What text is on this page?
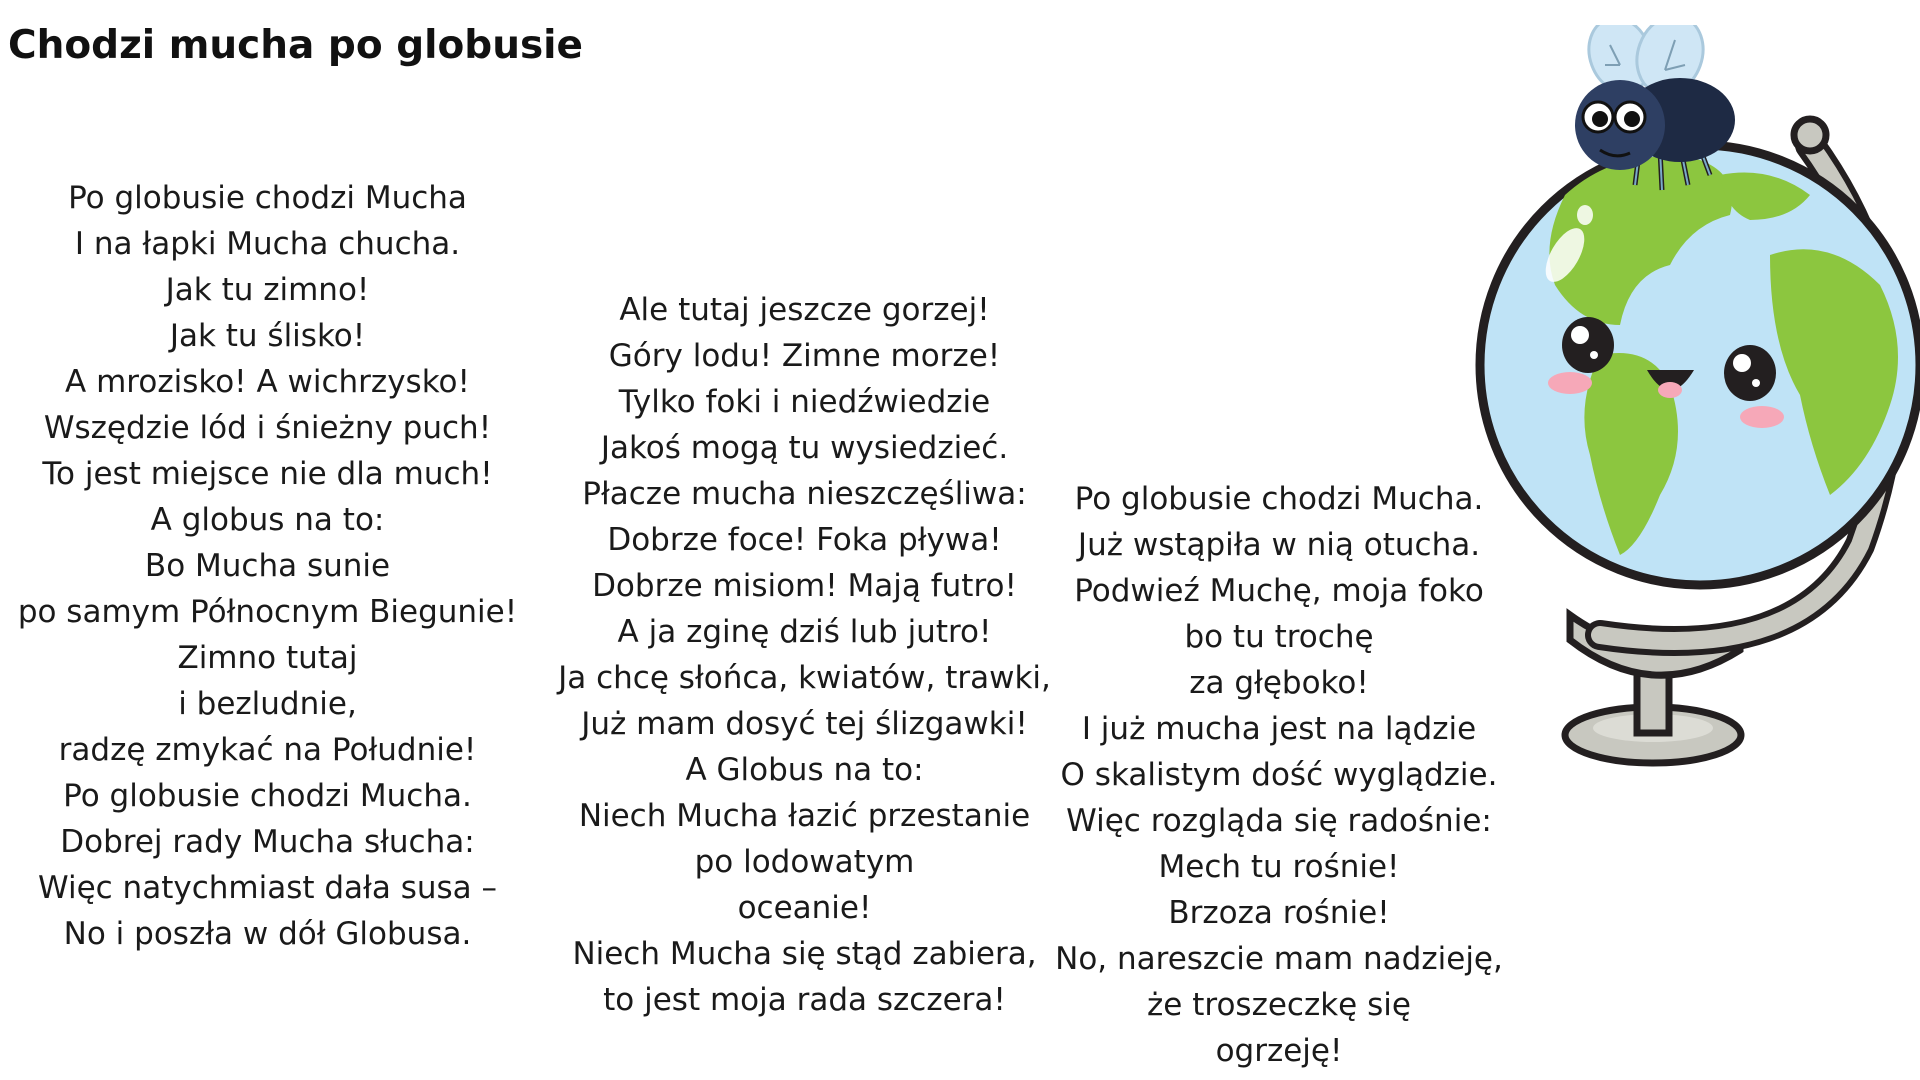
Chodzi mucha po globusie
Po globusie chodzi Mucha
I na łapki Mucha chucha.
Jak tu zimno!
Jak tu ślisko!
A mrozisko! A wichrzysko!
Wszędzie lód i śnieżny puch!
To jest miejsce nie dla much!
A globus na to:
Bo Mucha sunie
po samym Północnym Biegunie!
Zimno tutaj
i bezludnie,
radzę zmykać na Południe!
Po globusie chodzi Mucha.
Dobrej rady Mucha słucha:
Więc natychmiast dała susa –
No i poszła w dół Globusa.
Ale tutaj jeszcze gorzej!
Góry lodu! Zimne morze!
Tylko foki i niedźwiedzie
Jakoś mogą tu wysiedzieć.
Płacze mucha nieszczęśliwa:
Dobrze foce! Foka pływa!
Dobrze misiom! Mają futro!
A ja zginę dziś lub jutro!
Ja chcę słońca, kwiatów, trawki,
Już mam dosyć tej ślizgawki!
A Globus na to:
Niech Mucha łazić przestanie
po lodowatym
oceanie!
Niech Mucha się stąd zabiera,
to jest moja rada szczera!
Po globusie chodzi Mucha.
Już wstąpiła w nią otucha.
Podwieź Muchę, moja foko
bo tu trochę
za głęboko!
I już mucha jest na lądzie
O skalistym dość wyglądzie.
Więc rozgląda się radośnie:
Mech tu rośnie!
Brzoza rośnie!
No, nareszcie mam nadzieję,
że troszeczkę się
ogrzeję!
